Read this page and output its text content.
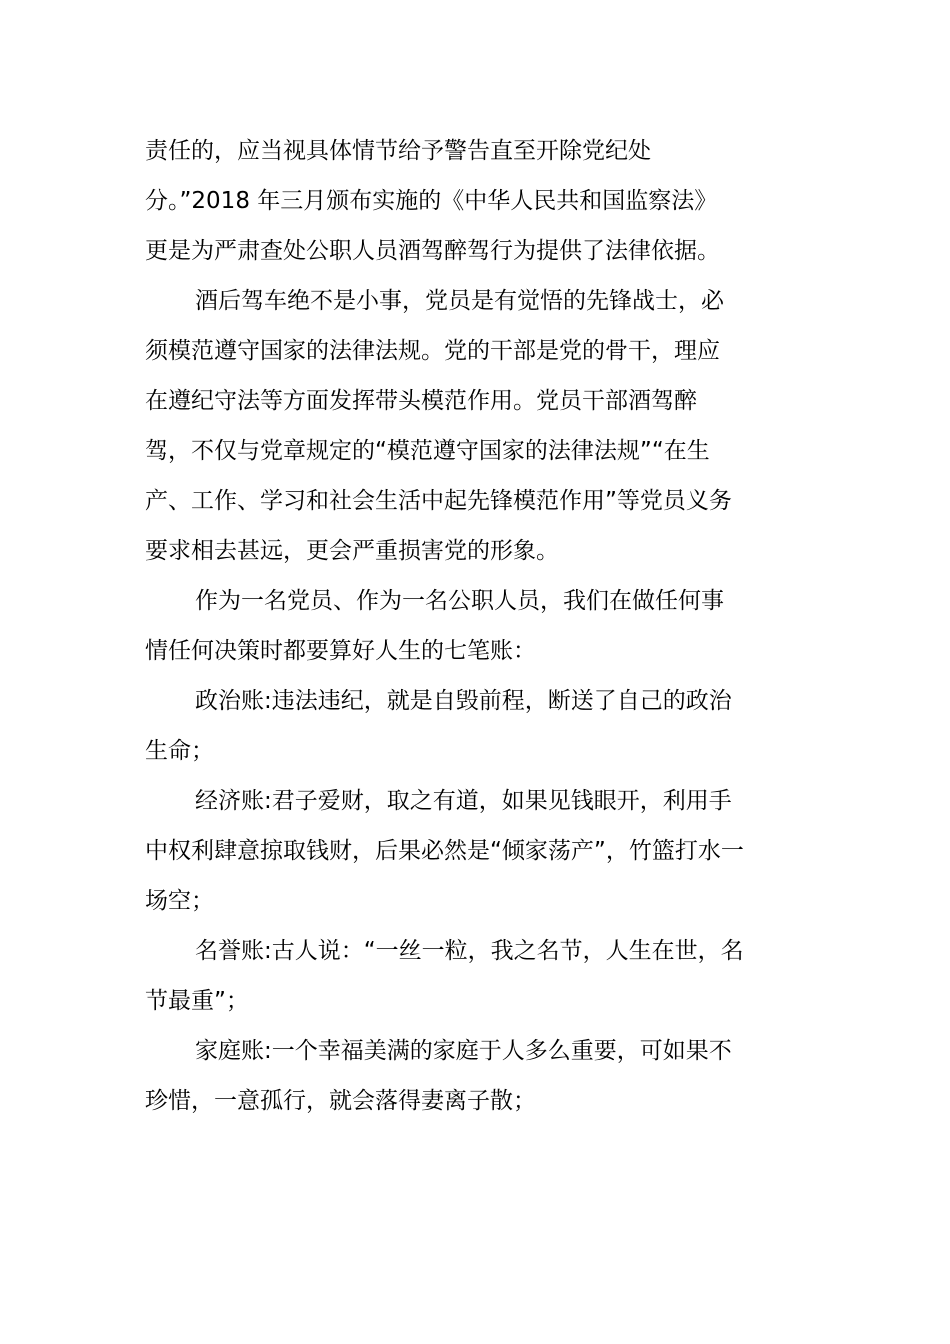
责任的，应当视具体情节给予警告直至开除党纪处
分。”2018 年三月颁布实施的《中华人民共和国监察法》
更是为严肃查处公职人员酒驾醉驾行为提供了法律依据。
酒后驾车绝不是小事，党员是有觉悟的先锋战士，必
须模范遵守国家的法律法规。党的干部是党的骨干，理应
在遵纪守法等方面发挥带头模范作用。党员干部酒驾醉
驾，不仅与党章规定的“模范遵守国家的法律法规”“在生
产、工作、学习和社会生活中起先锋模范作用”等党员义务
要求相去甚远，更会严重损害党的形象。
作为一名党员、作为一名公职人员，我们在做任何事
情任何决策时都要算好人生的七笔账：
政治账:违法违纪，就是自毁前程，断送了自己的政治
生命；
经济账:君子爱财，取之有道，如果见钱眼开，利用手
中权利肆意掠取钱财，后果必然是“倾家荡产”，竹篮打水一
场空；
名誉账:古人说：“一丝一粒，我之名节，人生在世，名
节最重”；
家庭账:一个幸福美满的家庭于人多么重要，可如果不
珍惜，一意孤行，就会落得妻离子散；
